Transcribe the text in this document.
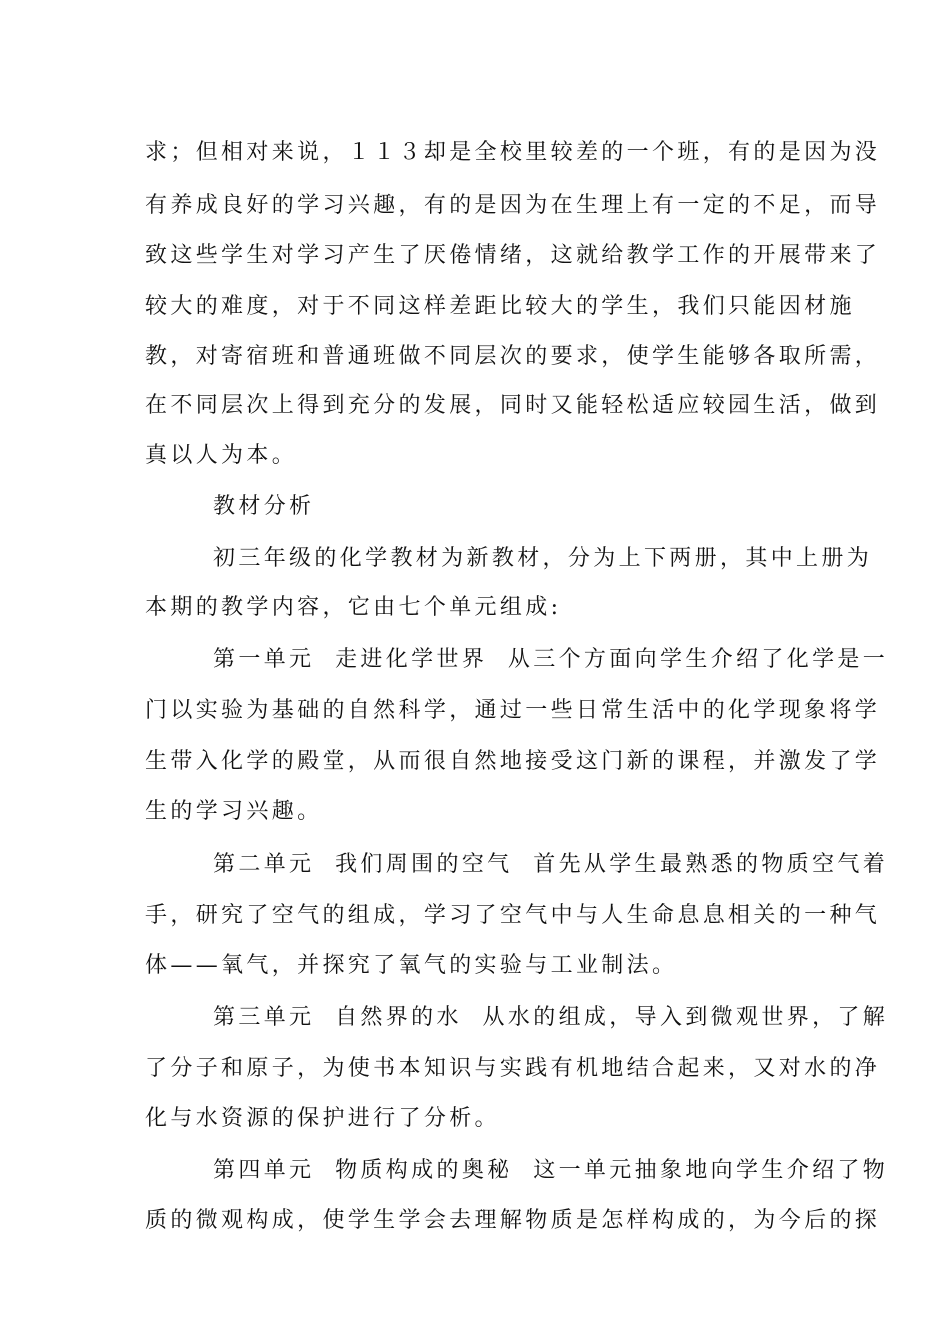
求；但相对来说，１１３却是全校里较差的一个班，有的是因为没
有养成良好的学习兴趣，有的是因为在生理上有一定的不足，而导
致这些学生对学习产生了厌倦情绪，这就给教学工作的开展带来了
较大的难度，对于不同这样差距比较大的学生，我们只能因材施
教，对寄宿班和普通班做不同层次的要求，使学生能够各取所需，
在不同层次上得到充分的发展，同时又能轻松适应较园生活，做到
真以人为本。
教材分析
初三年级的化学教材为新教材，分为上下两册，其中上册为
本期的教学内容，它由七个单元组成:
第一单元  走进化学世界  从三个方面向学生介绍了化学是一
门以实验为基础的自然科学，通过一些日常生活中的化学现象将学
生带入化学的殿堂，从而很自然地接受这门新的课程，并激发了学
生的学习兴趣。
第二单元  我们周围的空气  首先从学生最熟悉的物质空气着
手，研究了空气的组成，学习了空气中与人生命息息相关的一种气
体——氧气，并探究了氧气的实验与工业制法。
第三单元  自然界的水  从水的组成，导入到微观世界，了解
了分子和原子，为使书本知识与实践有机地结合起来，又对水的净
化与水资源的保护进行了分析。
第四单元  物质构成的奥秘  这一单元抽象地向学生介绍了物
质的微观构成，使学生学会去理解物质是怎样构成的，为今后的探
